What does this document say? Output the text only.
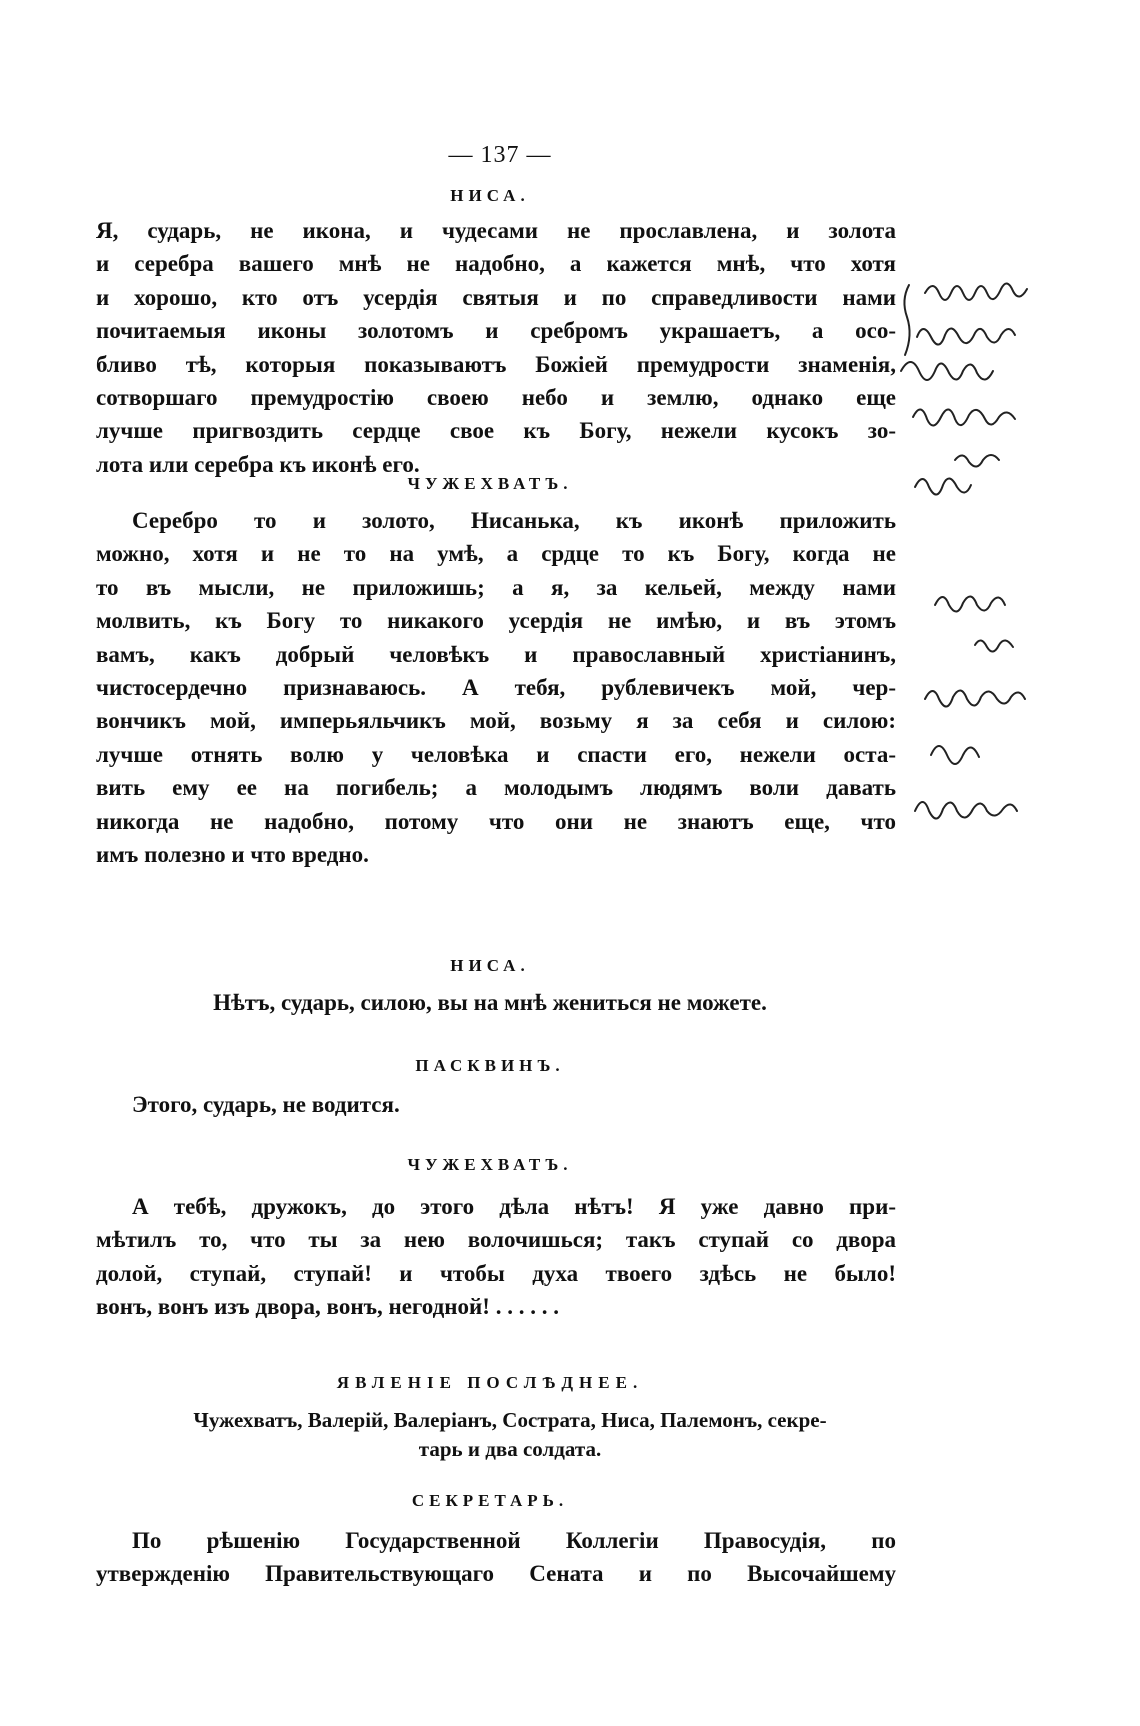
— 137 —
НИСА.

Я, сударь, не икона, и чудесами не прославлена, и золота
и серебра вашего мнѣ не надобно, а кажется мнѣ, что хотя
и хорошо, кто отъ усердія святыя и по справедливости нами
почитаемыя иконы золотомъ и сребромъ украшаетъ, а осо-
бливо тѣ, которыя показываютъ Божіей премудрости знаменія,
сотворшаго премудростію своею небо и землю, однако еще
лучше пригвоздить сердце свое къ Богу, нежели кусокъ зо-
лота или серебра къ иконѣ его.

ЧУЖЕХВАТЪ.

Серебро то и золото, Нисанька, къ иконѣ приложить
можно, хотя и не то на умѣ, а срдце то къ Богу, когда не
то въ мысли, не приложишь; а я, за кельей, между нами
молвить, къ Богу то никакого усердія не имѣю, и въ этомъ
вамъ, какъ добрый человѣкъ и православный христіанинъ,
чистосердечно признаваюсь. А тебя, рублевичекъ мой, чер-
вончикъ мой, имперьяльчикъ мой, возьму я за себя и силою:
лучше отнять волю у человѣка и спасти его, нежели оста-
вить ему ее на погибель; а молодымъ людямъ воли давать
никогда не надобно, потому что они не знаютъ еще, что
имъ полезно и что вредно.

НИСА.
Нѣтъ, сударь, силою, вы на мнѣ жениться не можете.
ПАСКВИНЪ.

Этого, сударь, не водится.

ЧУЖЕХВАТЪ.

А тебѣ, дружокъ, до этого дѣла нѣтъ! Я уже давно при-
мѣтилъ то, что ты за нею волочишься; такъ ступай со двора
долой, ступай, ступай! и чтобы духа твоего здѣсь не было!
вонъ, вонъ изъ двора, вонъ, негодной! . . . . . .

ЯВЛЕНІЕ ПОСЛѢДНЕЕ.
Чужехватъ, Валерій, Валеріанъ, Сострата, Ниса, Палемонъ, секре-
тарь и два солдата.
СЕКРЕТАРЬ.

По рѣшенію Государственной Коллегіи Правосудія, по
утвержденію Правительствующаго Сената и по Высочайшему
